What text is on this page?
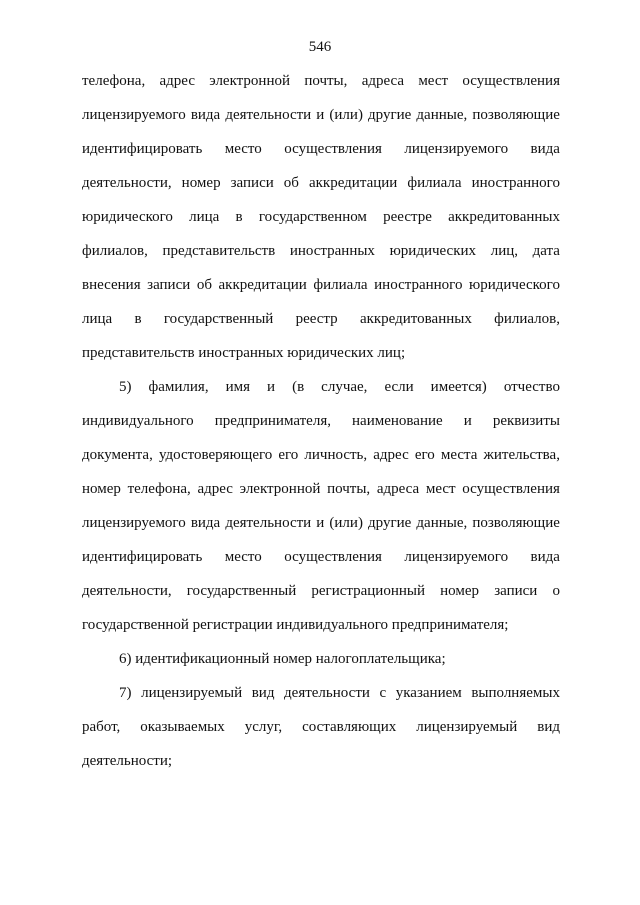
546
телефона, адрес электронной почты, адреса мест осуществления
лицензируемого вида деятельности и (или) другие данные, позволяющие
идентифицировать место осуществления лицензируемого вида
деятельности, номер записи об аккредитации филиала иностранного
юридического лица в государственном реестре аккредитованных
филиалов, представительств иностранных юридических лиц, дата
внесения записи об аккредитации филиала иностранного юридического
лица в государственный реестр аккредитованных филиалов,
представительств иностранных юридических лиц;
5) фамилия, имя и (в случае, если имеется) отчество
индивидуального предпринимателя, наименование и реквизиты
документа, удостоверяющего его личность, адрес его места жительства,
номер телефона, адрес электронной почты, адреса мест осуществления
лицензируемого вида деятельности и (или) другие данные, позволяющие
идентифицировать место осуществления лицензируемого вида
деятельности, государственный регистрационный номер записи о
государственной регистрации индивидуального предпринимателя;
6) идентификационный номер налогоплательщика;
7) лицензируемый вид деятельности с указанием выполняемых
работ, оказываемых услуг, составляющих лицензируемый вид
деятельности;
